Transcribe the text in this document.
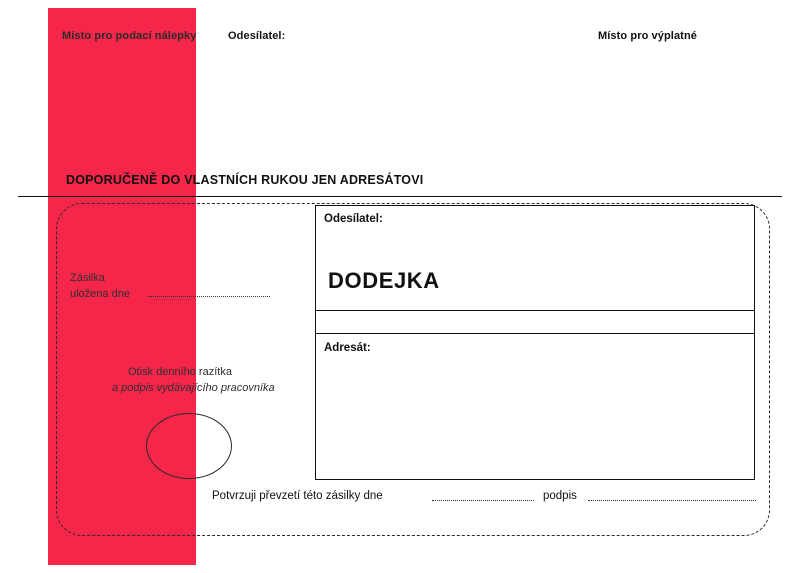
Místo pro podací nálepky	Odesílatel:	Místo pro výplatné
DOPORUČENĚ DO VLASTNÍCH RUKOU JEN ADRESÁTOVI
Zásilka
uložena dne
Otisk denního razítka
a podpis vydávajícího pracovníka
Odesílatel:
DODEJKA
Adresát:
Potvrzuji převzetí této zásilky dne	podpis
